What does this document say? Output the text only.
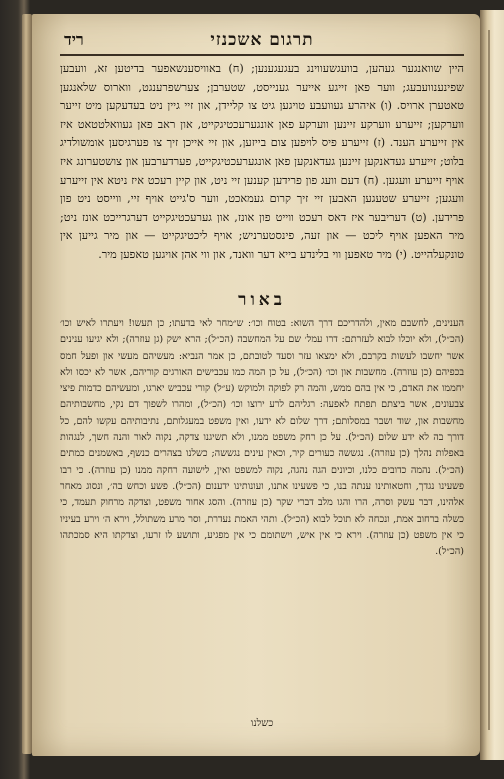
תרגום אשכנזי
ריד

היין שוואנגער געהען, בוועגשעווינג בעגעגענען; (ח) באוויסענשאפער בדיטען זא, וועבען שפינענוועבעג; ווער פאן זייגע אייער גענייסט, שטערבן; צערשפרענגט, ווארוס שלאנגען טאטערן ארויס. (ו) איהרע געוועבע טויגען גיט צו קליידן, און זיי גיין ניט בעדעקען מיט זייער ווערקען; זייערע ווערקע זיינען ווערקע פאן אונגערעכטיגקייט, און ראב פאן געוואלטטאט איז אין זייערע הענד. (ז) זייערע פיס לויפען צום בייזען, און זיי אייכן זיך צו פערגיסען אומשולדיג בלוט; זייערע געדאנקען זיינען געדאנקען פאן אונגערעכטיגקייט, פערדערבען און צושטערונג איז אויף זייערע וועגען. (ח) דעם וועג פון פרידען קענען זיי ניט, און קיין רעכט איז ניטא אין זייערע וועגען; זייערע שטעגען האבען זיי זיך קרום געמאכט, ווער ס'גייט אויף זיי, ווייסט ניט פון פרידען. (ט) דעריבער איז דאס רעכט ווייט פון אונז, און גערעכטיגקייט דערגרייכט אונז ניט; מיר האפען אויף ליכט — און זעה, פינסטערניש; אויף ליכטיגקייט — און מיר גייען אין טונקעלהייט. (י) מיר טאפען ווי בלינדע בייא דער וואנד, און ווי אהן אויגען טאפען מיר.

באור

הענינים, לחשבם מאין, ולהדריכם דרך השוא: בטוח וכו׳: ש״מחר לאי בדעתו; כן תעשו! ויעתרו לאיש וכו׳ (הכ״ל), ולא יוכלו לבוא לעזרתם: דרו עמל׳ שם על המחשבה (הכ״ל); הרא ישק (גן עוזרה); ולא יגיעו ענינים אשר יחשבו לעשות בקרבם, ולא ימצאו עזר וסעד לטובתם, כן אמר הנביא: מעשיהם מעשי און ופעל חמס בכפיהם (כן עוזרה). מחשבות און וכו׳ (הכ״ל), על כן המה כמו עכבישים האורגים קוריהם, אשר לא יכסו ולא יחממו את האדם, כי אין בהם ממש, והמה רק לפוקה ולמוקש (ע״ל) קורי עכביש יארגו, ומעשיהם כדמות פיצי צבעונים, אשר ביצתם תפתח לאפעה: רגליהם לרע ירוצו וכו׳ (הכ״ל), ומהרו לשפוך דם נקי, מחשבותיהם מחשבות און, שוד ושבר במסלותם; דרך שלום לא ידעו, ואין משפט במעגלותם, נתיבותיהם עקשו להם, כל דורך בה לא ידע שלום (הכ״ל). על כן רחק משפט ממנו, ולא תשיגנו צדקה, נקוה לאור והנה חשך, לנגהות באפלות נהלך (כן עוזרה). נגששה כעורים קיר, וכאין עינים נגששה; כשלנו בצהרים כנשף, באשמנים כמתים (הכ״ל). נהמה כדובים כלנו, וכיונים הגה נהגה, נקוה למשפט ואין, לישועה רחקה ממנו (כן עוזרה). כי רבו פשעינו נגדך, וחטאותינו ענתה בנו, כי פשעינו אתנו, ועונותינו ידענום (הכ״ל). פשע וכחש בה׳, ונסוג מאחר אלהינו, דבר עשק וסרה, הרו והגו מלב דברי שקר (כן עוזרה). והסג אחור משפט, וצדקה מרחוק תעמד, כי כשלה ברחוב אמת, ונכחה לא תוכל לבוא (הכ״ל). ותהי האמת נעדרת, וסר מרע משתולל, וירא ה׳ וירע בעיניו כי אין משפט (כן עוזרה). וירא כי אין איש, וישתומם כי אין מפגיע, ותושע לו זרעו, וצדקתו היא סמכתהו (הכ״ל).

כשלנו
